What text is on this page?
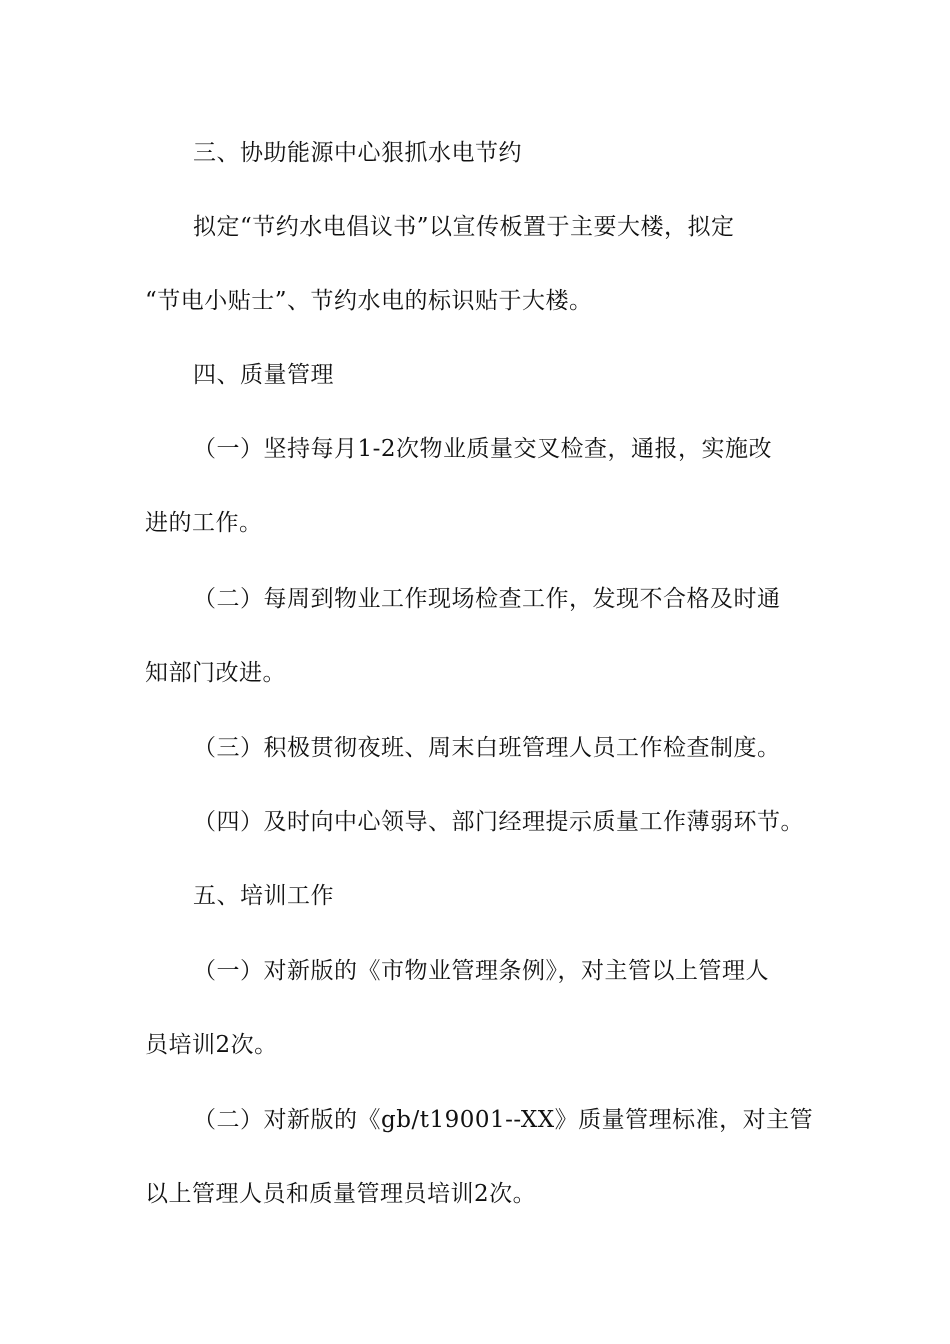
三、协助能源中心狠抓水电节约

拟定“节约水电倡议书”以宣传板置于主要大楼，拟定

“节电小贴士”、节约水电的标识贴于大楼。

四、质量管理

（一）坚持每月1-2次物业质量交叉检查，通报，实施改

进的工作。

（二）每周到物业工作现场检查工作，发现不合格及时通

知部门改进。

（三）积极贯彻夜班、周末白班管理人员工作检查制度。

（四）及时向中心领导、部门经理提示质量工作薄弱环节。

五、培训工作

（一）对新版的《市物业管理条例》，对主管以上管理人

员培训2次。

（二）对新版的《gb/t19001--XX》质量管理标准，对主管

以上管理人员和质量管理员培训2次。
